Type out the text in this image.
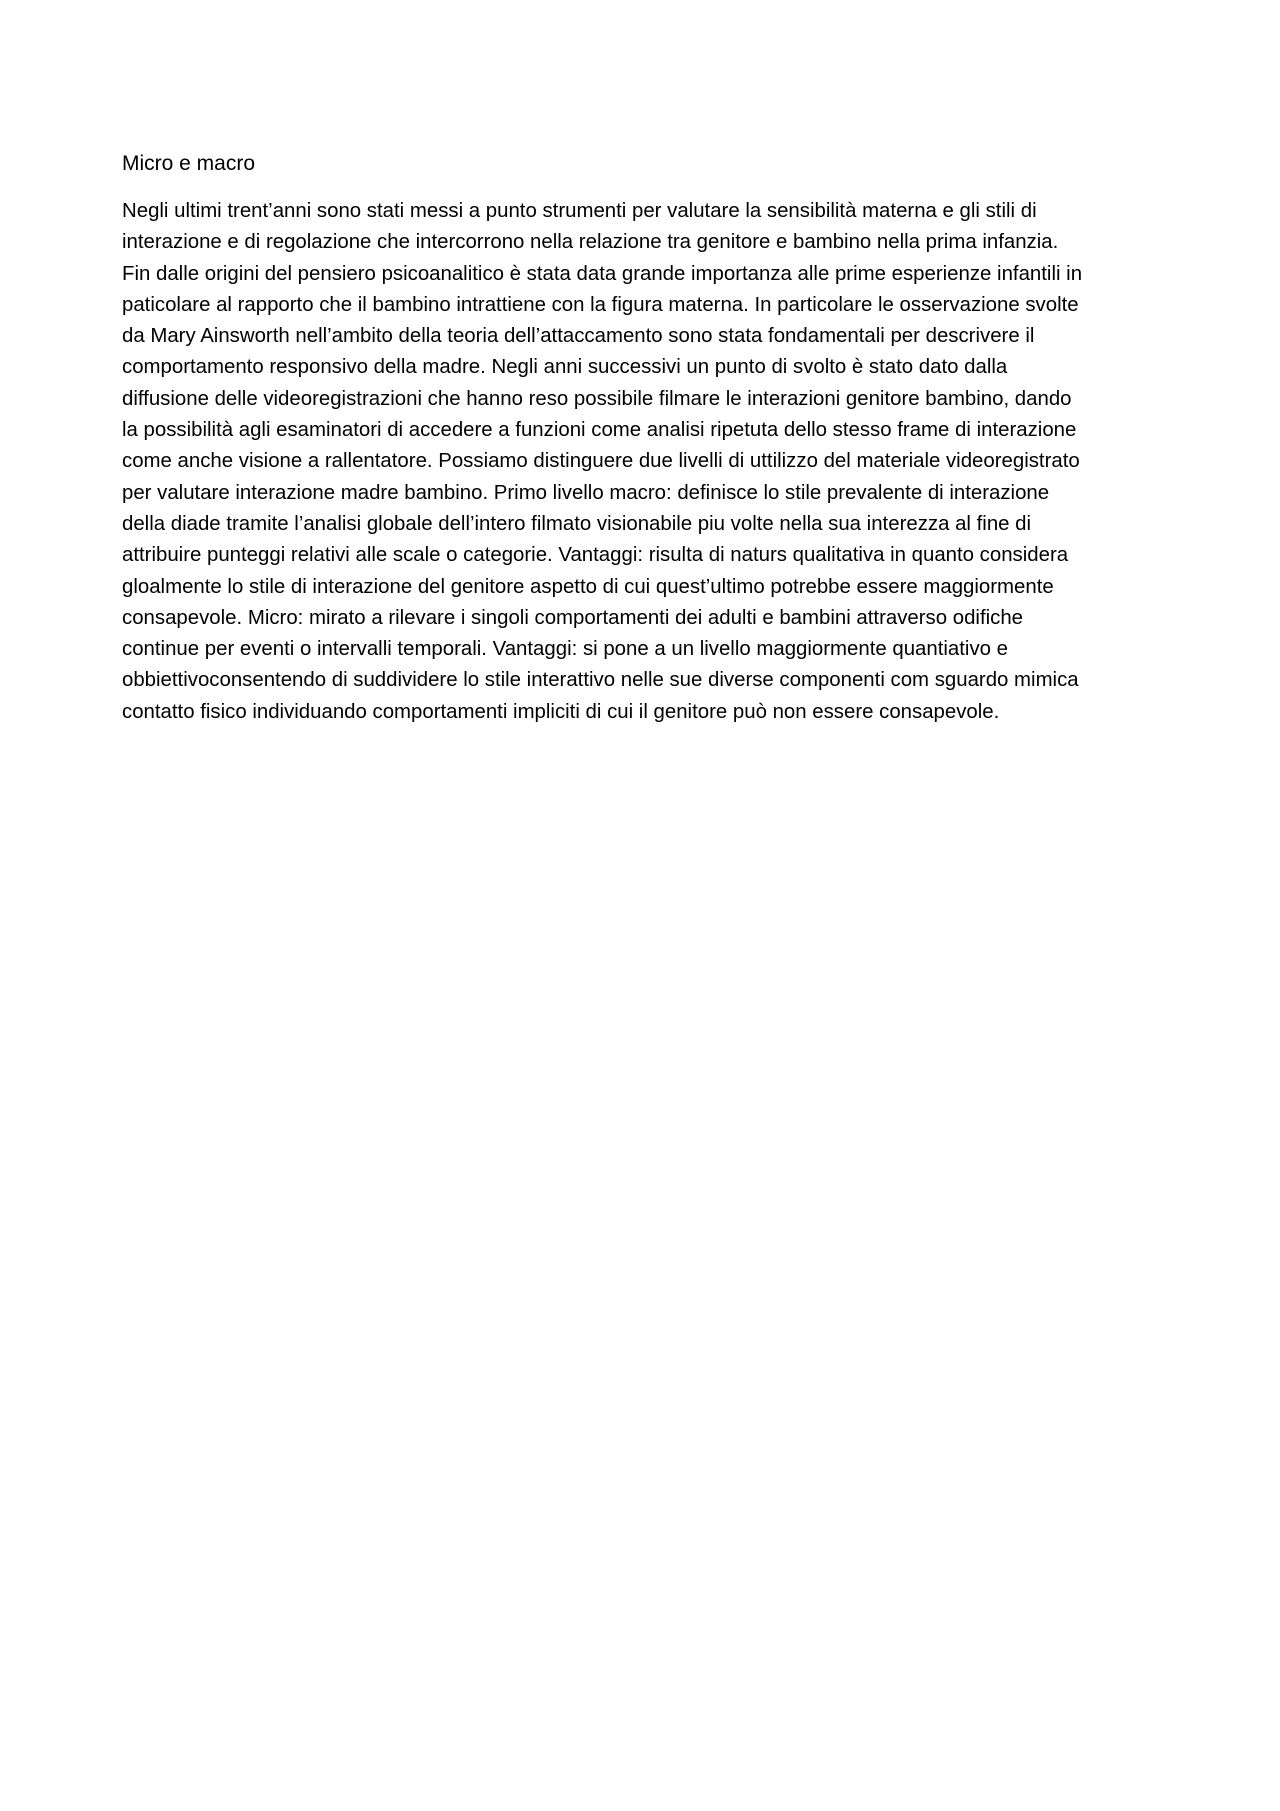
Micro e macro

Negli ultimi trent’anni sono stati messi a punto strumenti per valutare la sensibilità materna e gli stili di
interazione e di regolazione che intercorrono nella relazione tra genitore e bambino nella prima infanzia.
Fin dalle origini del pensiero psicoanalitico è stata data grande importanza alle prime esperienze infantili in
paticolare al rapporto che il bambino intrattiene con la figura materna. In particolare le osservazione svolte
da Mary Ainsworth nell’ambito della teoria dell’attaccamento sono stata fondamentali per descrivere il
comportamento responsivo della madre. Negli anni successivi un punto di svolto è stato dato dalla
diffusione delle videoregistrazioni che hanno reso possibile filmare le interazioni genitore bambino, dando
la possibilità agli esaminatori di accedere a funzioni come analisi ripetuta dello stesso frame di interazione
come anche visione a rallentatore. Possiamo distinguere due livelli di uttilizzo del materiale videoregistrato
per valutare interazione madre bambino. Primo livello macro: definisce lo stile prevalente di interazione
della diade tramite l’analisi globale dell’intero filmato visionabile piu volte nella sua interezza al fine di
attribuire punteggi relativi alle scale o categorie. Vantaggi: risulta di naturs qualitativa in quanto considera
gloalmente lo stile di interazione del genitore aspetto di cui quest’ultimo potrebbe essere maggiormente
consapevole. Micro: mirato a rilevare i singoli comportamenti dei adulti e bambini attraverso odifiche
continue per eventi o intervalli temporali. Vantaggi: si pone a un livello maggiormente quantiativo e
obbiettivoconsentendo di suddividere lo stile interattivo nelle sue diverse componenti com sguardo mimica
contatto fisico individuando comportamenti impliciti di cui il genitore può non essere consapevole.
